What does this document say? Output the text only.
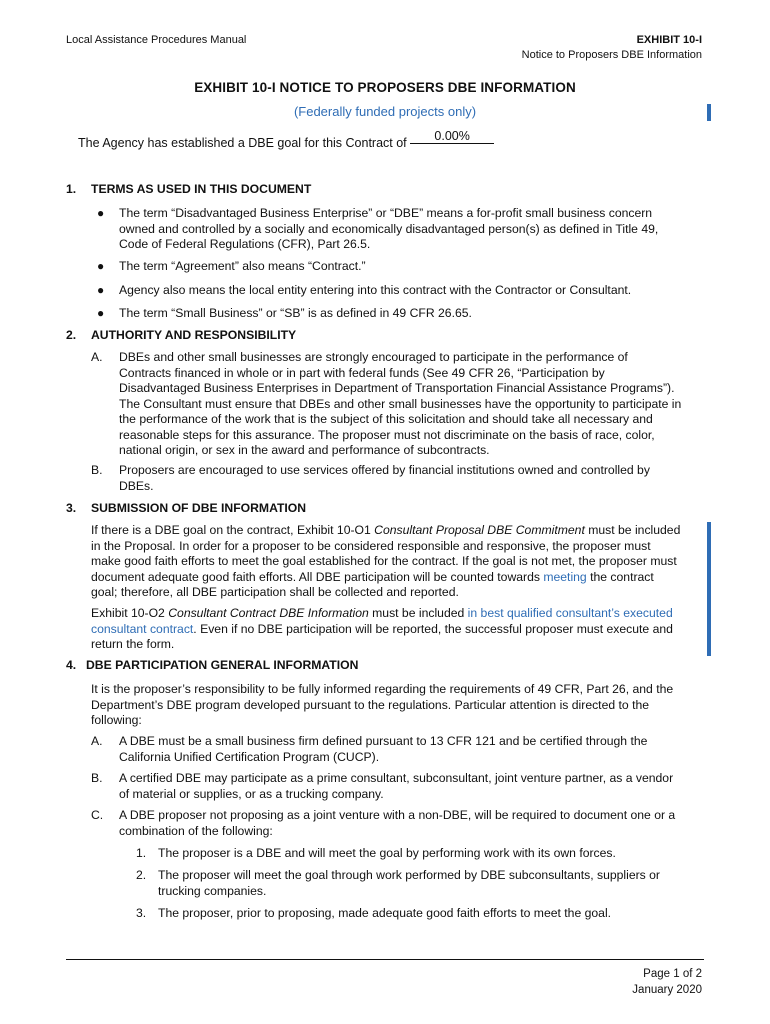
Local Assistance Procedures Manual	EXHIBIT 10-I
Notice to Proposers DBE Information
EXHIBIT 10-I NOTICE TO PROPOSERS DBE INFORMATION
(Federally funded projects only)
The Agency has established a DBE goal for this Contract of 0.00%
1. TERMS AS USED IN THIS DOCUMENT
● The term “Disadvantaged Business Enterprise” or “DBE” means a for-profit small business concern
owned and controlled by a socially and economically disadvantaged person(s) as defined in Title 49,
Code of Federal Regulations (CFR), Part 26.5.
● The term “Agreement” also means “Contract.”
● Agency also means the local entity entering into this contract with the Contractor or Consultant.
● The term “Small Business” or “SB” is as defined in 49 CFR 26.65.
2. AUTHORITY AND RESPONSIBILITY
A. DBEs and other small businesses are strongly encouraged to participate in the performance of
Contracts financed in whole or in part with federal funds (See 49 CFR 26, “Participation by
Disadvantaged Business Enterprises in Department of Transportation Financial Assistance Programs”).
The Consultant must ensure that DBEs and other small businesses have the opportunity to participate in
the performance of the work that is the subject of this solicitation and should take all necessary and
reasonable steps for this assurance. The proposer must not discriminate on the basis of race, color,
national origin, or sex in the award and performance of subcontracts.
B. Proposers are encouraged to use services offered by financial institutions owned and controlled by
DBEs.
3. SUBMISSION OF DBE INFORMATION
If there is a DBE goal on the contract, Exhibit 10-O1 Consultant Proposal DBE Commitment must be included
in the Proposal. In order for a proposer to be considered responsible and responsive, the proposer must
make good faith efforts to meet the goal established for the contract. If the goal is not met, the proposer must
document adequate good faith efforts. All DBE participation will be counted towards meeting the contract
goal; therefore, all DBE participation shall be collected and reported.
Exhibit 10-O2 Consultant Contract DBE Information must be included in best qualified consultant’s executed
consultant contract. Even if no DBE participation will be reported, the successful proposer must execute and
return the form.
4. DBE PARTICIPATION GENERAL INFORMATION
It is the proposer’s responsibility to be fully informed regarding the requirements of 49 CFR, Part 26, and the
Department’s DBE program developed pursuant to the regulations. Particular attention is directed to the
following:
A. A DBE must be a small business firm defined pursuant to 13 CFR 121 and be certified through the
California Unified Certification Program (CUCP).
B. A certified DBE may participate as a prime consultant, subconsultant, joint venture partner, as a vendor
of material or supplies, or as a trucking company.
C. A DBE proposer not proposing as a joint venture with a non-DBE, will be required to document one or a
combination of the following:
1. The proposer is a DBE and will meet the goal by performing work with its own forces.
2. The proposer will meet the goal through work performed by DBE subconsultants, suppliers or
trucking companies.
3. The proposer, prior to proposing, made adequate good faith efforts to meet the goal.
Page 1 of 2
January 2020
